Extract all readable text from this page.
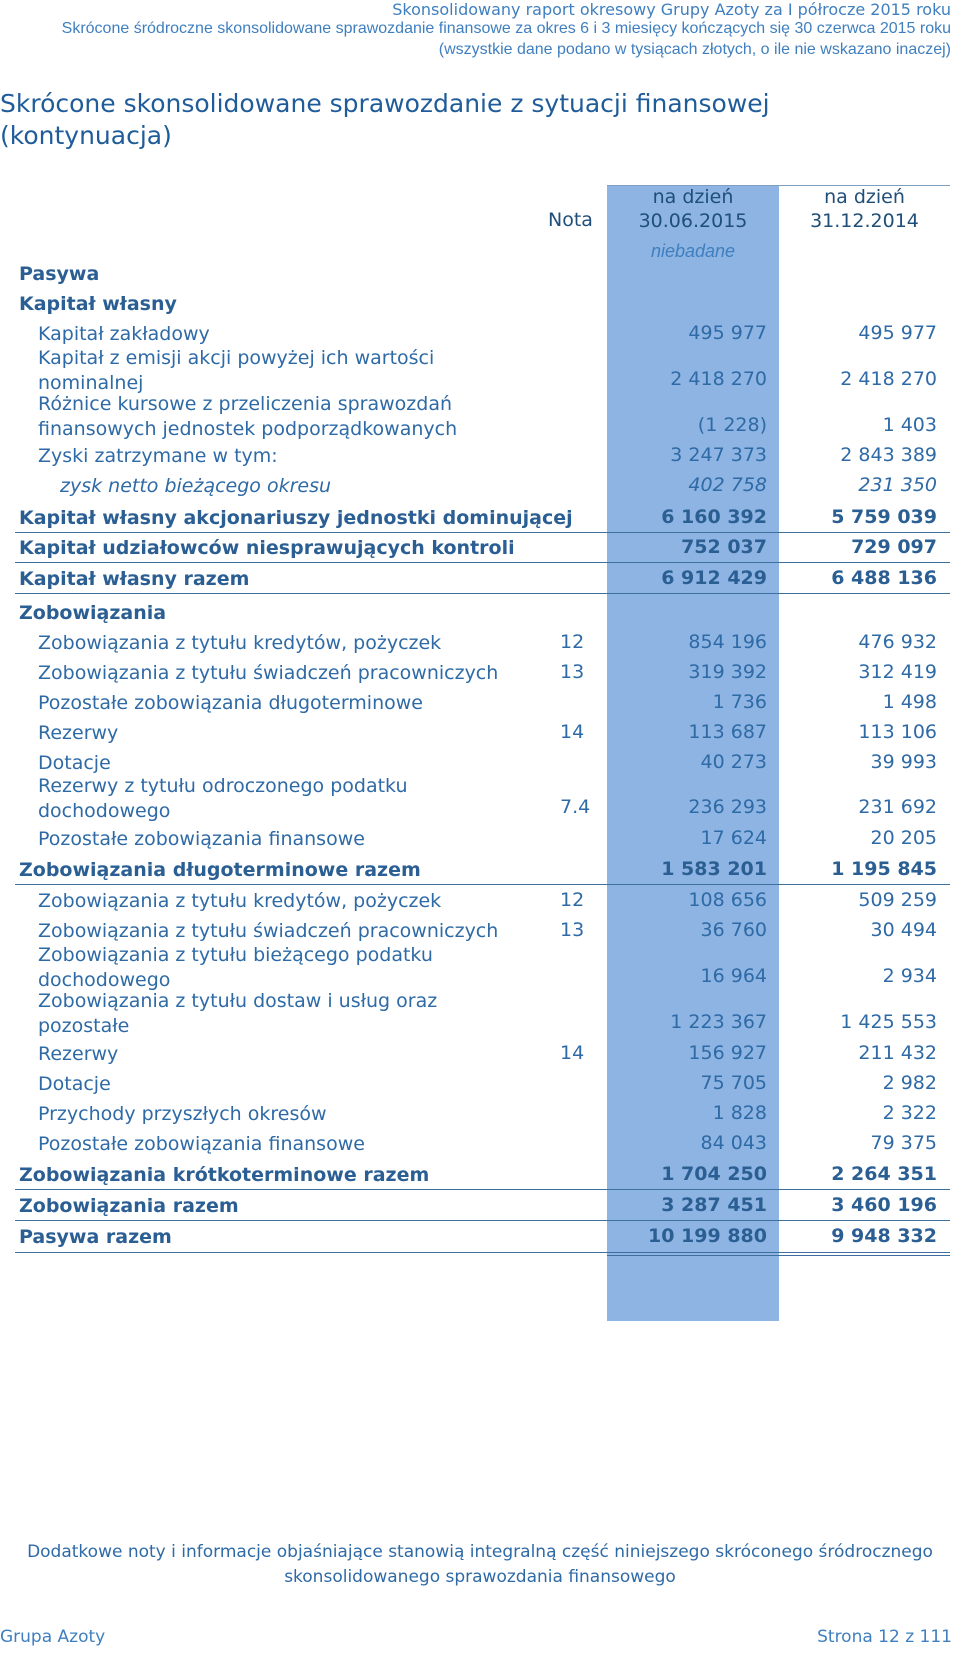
Skonsolidowany raport okresowy Grupy Azoty za I półrocze 2015 roku
Skrócone śródroczne skonsolidowane sprawozdanie finansowe za okres 6 i 3 miesięcy kończących się 30 czerwca 2015 roku
(wszystkie dane podano w tysiącach złotych, o ile nie wskazano inaczej)
Skrócone skonsolidowane sprawozdanie z sytuacji finansowej
(kontynuacja)
Nota
na dzień
30.06.2015
na dzień
31.12.2014
niebadane
Pasywa
Kapitał własny
Kapitał zakładowy	495 977	495 977
Kapitał z emisji akcji powyżej ich wartości
nominalnej	2 418 270	2 418 270
Różnice kursowe z przeliczenia sprawozdań
finansowych jednostek podporządkowanych	(1 228)	1 403
Zyski zatrzymane w tym:	3 247 373	2 843 389
zysk netto bieżącego okresu	402 758	231 350
Kapitał własny akcjonariuszy jednostki dominującej	6 160 392	5 759 039
Kapitał udziałowców niesprawujących kontroli	752 037	729 097
Kapitał własny razem	6 912 429	6 488 136
Zobowiązania
Zobowiązania z tytułu kredytów, pożyczek	12	854 196	476 932
Zobowiązania z tytułu świadczeń pracowniczych	13	319 392	312 419
Pozostałe zobowiązania długoterminowe	1 736	1 498
Rezerwy	14	113 687	113 106
Dotacje	40 273	39 993
Rezerwy z tytułu odroczonego podatku
dochodowego	7.4	236 293	231 692
Pozostałe zobowiązania finansowe	17 624	20 205
Zobowiązania długoterminowe razem	1 583 201	1 195 845
Zobowiązania z tytułu kredytów, pożyczek	12	108 656	509 259
Zobowiązania z tytułu świadczeń pracowniczych	13	36 760	30 494
Zobowiązania z tytułu bieżącego podatku
dochodowego	16 964	2 934
Zobowiązania z tytułu dostaw i usług oraz
pozostałe	1 223 367	1 425 553
Rezerwy	14	156 927	211 432
Dotacje	75 705	2 982
Przychody przyszłych okresów	1 828	2 322
Pozostałe zobowiązania finansowe	84 043	79 375
Zobowiązania krótkoterminowe razem	1 704 250	2 264 351
Zobowiązania razem	3 287 451	3 460 196
Pasywa razem	10 199 880	9 948 332
Dodatkowe noty i informacje objaśniające stanowią integralną część niniejszego skróconego śródrocznego
skonsolidowanego sprawozdania finansowego
Grupa Azoty	Strona 12 z 111
